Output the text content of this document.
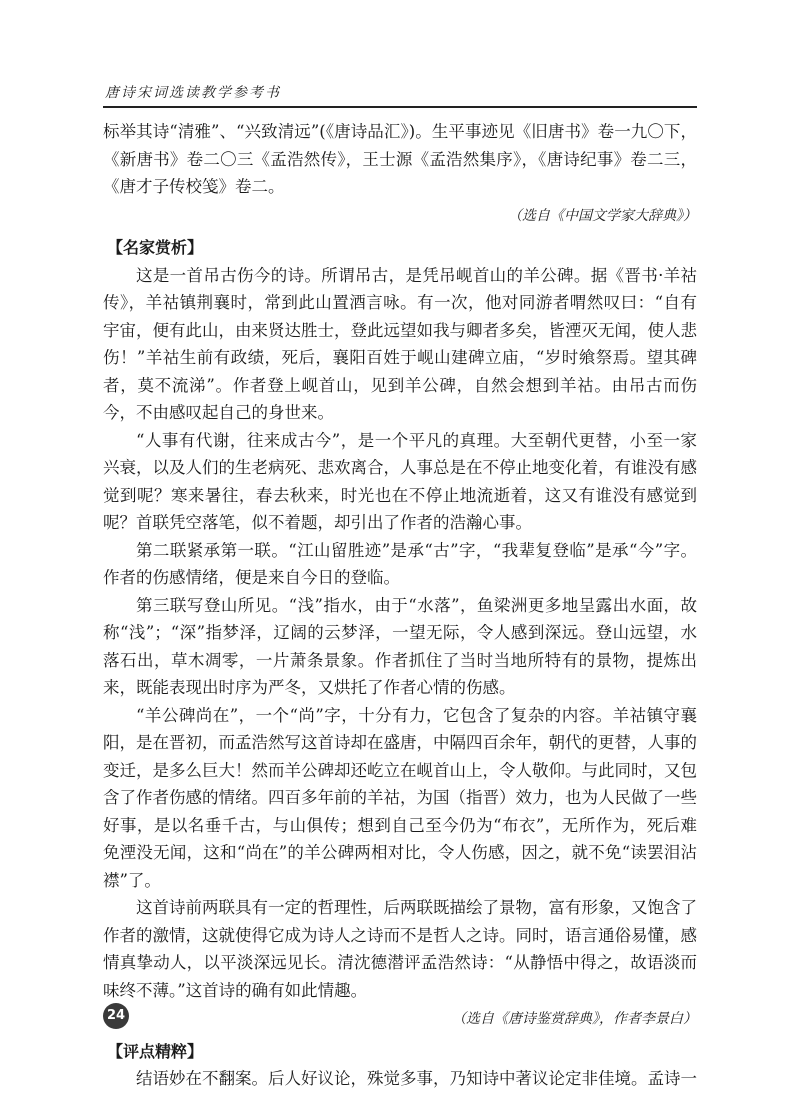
唐诗宋词选读教学参考书

标举其诗“清雅”、“兴致清远”(《唐诗品汇》)。生平事迹见《旧唐书》卷一九〇下，《新唐书》卷二〇三《孟浩然传》，王士源《孟浩然集序》，《唐诗纪事》卷二三，《唐才子传校笺》卷二。

（选自《中国文学家大辞典》）

【名家赏析】

这是一首吊古伤今的诗。所谓吊古，是凭吊岘首山的羊公碑。据《晋书·羊祜传》，羊祜镇荆襄时，常到此山置酒言咏。有一次，他对同游者喟然叹曰：“自有宇宙，便有此山，由来贤达胜士，登此远望如我与卿者多矣，皆湮灭无闻，使人悲伤！”羊祜生前有政绩，死后，襄阳百姓于岘山建碑立庙，“岁时飨祭焉。望其碑者，莫不流涕”。作者登上岘首山，见到羊公碑，自然会想到羊祜。由吊古而伤今，不由感叹起自己的身世来。

“人事有代谢，往来成古今”，是一个平凡的真理。大至朝代更替，小至一家兴衰，以及人们的生老病死、悲欢离合，人事总是在不停止地变化着，有谁没有感觉到呢？寒来暑往，春去秋来，时光也在不停止地流逝着，这又有谁没有感觉到呢？首联凭空落笔，似不着题，却引出了作者的浩瀚心事。

第二联紧承第一联。“江山留胜迹”是承“古”字，“我辈复登临”是承“今”字。作者的伤感情绪，便是来自今日的登临。

第三联写登山所见。“浅”指水，由于“水落”，鱼梁洲更多地呈露出水面，故称“浅”；“深”指梦泽，辽阔的云梦泽，一望无际，令人感到深远。登山远望，水落石出，草木凋零，一片萧条景象。作者抓住了当时当地所特有的景物，提炼出来，既能表现出时序为严冬，又烘托了作者心情的伤感。

“羊公碑尚在”，一个“尚”字，十分有力，它包含了复杂的内容。羊祜镇守襄阳，是在晋初，而孟浩然写这首诗却在盛唐，中隔四百余年，朝代的更替，人事的变迁，是多么巨大！然而羊公碑却还屹立在岘首山上，令人敬仰。与此同时，又包含了作者伤感的情绪。四百多年前的羊祜，为国（指晋）效力，也为人民做了一些好事，是以名垂千古，与山俱传；想到自己至今仍为“布衣”，无所作为，死后难免湮没无闻，这和“尚在”的羊公碑两相对比，令人伤感，因之，就不免“读罢泪沾襟”了。

这首诗前两联具有一定的哲理性，后两联既描绘了景物，富有形象，又饱含了作者的激情，这就使得它成为诗人之诗而不是哲人之诗。同时，语言通俗易懂，感情真挚动人，以平淡深远见长。清沈德潜评孟浩然诗：“从静悟中得之，故语淡而味终不薄。”这首诗的确有如此情趣。

（选自《唐诗鉴赏辞典》，作者李景白）

【评点精粹】

结语妙在不翻案。后人好议论，殊觉多事，乃知诗中著议论定非佳境。孟诗一

24
